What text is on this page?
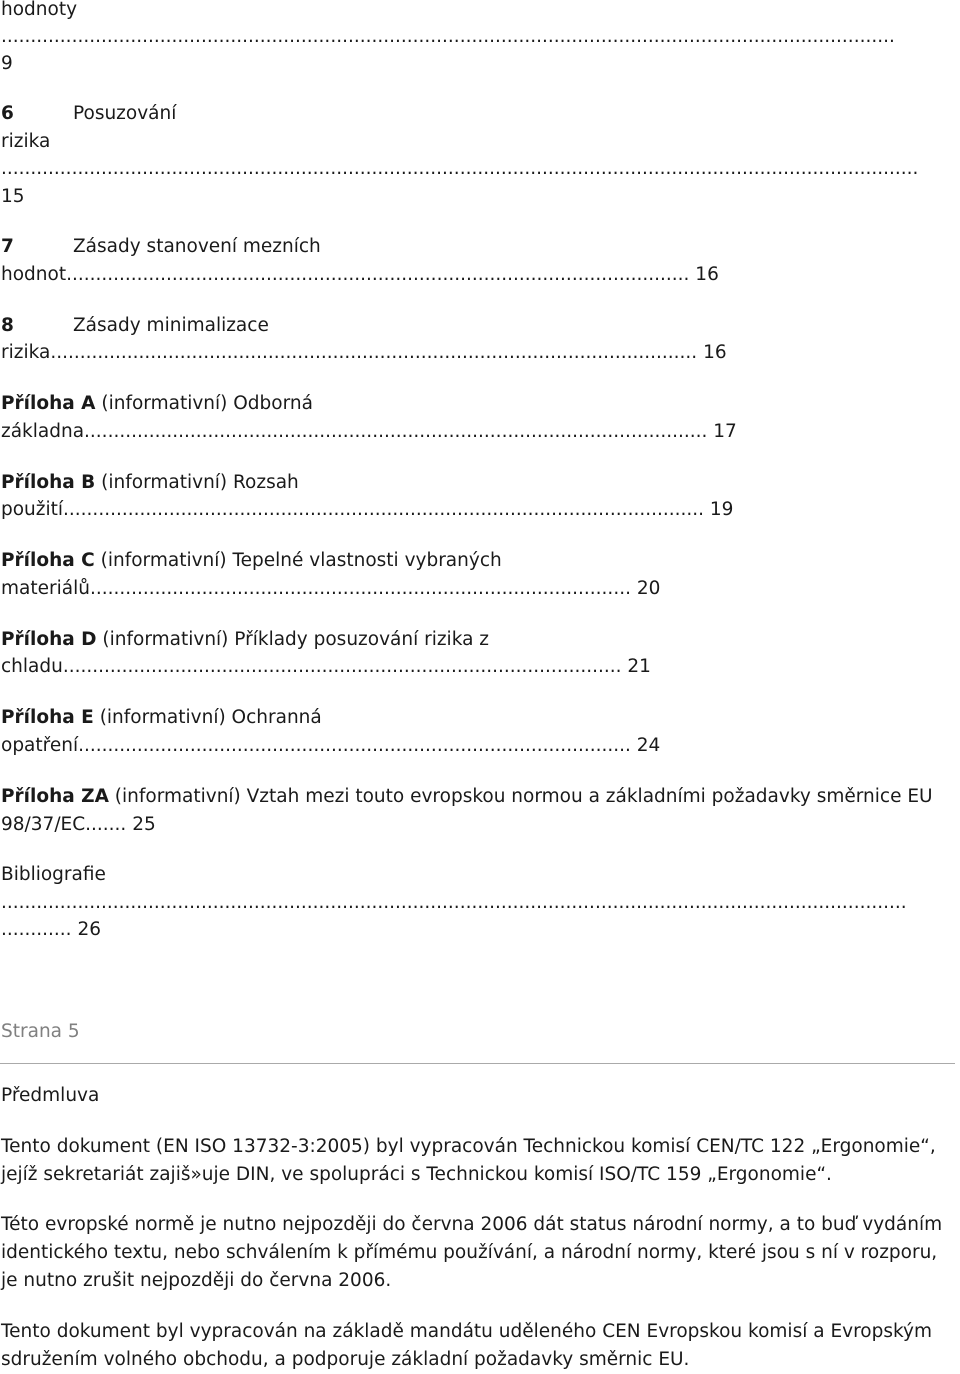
hodnoty
........................................................................................................................................................
9
6	Posuzování
rizika
............................................................................................................................................................
15
7	Zásady stanovení mezních
hodnot.......................................................................................................... 16
8	Zásady minimalizace
rizika.............................................................................................................. 16
Příloha A (informativní) Odborná
základna.......................................................................................................... 17
Příloha B (informativní) Rozsah
použití............................................................................................................. 19
Příloha C (informativní) Tepelné vlastnosti vybraných
materiálů............................................................................................ 20
Příloha D (informativní) Příklady posuzování rizika z
chladu............................................................................................... 21
Příloha E (informativní) Ochranná
opatření.............................................................................................. 24
Příloha ZA (informativní) Vztah mezi touto evropskou normou a základními požadavky směrnice EU
98/37/EC....... 25
Bibliografie
..........................................................................................................................................................
............ 26
Strana 5
Předmluva
Tento dokument (EN ISO 13732-3:2005) byl vypracován Technickou komisí CEN/TC 122 „Ergonomie“,
jejíž sekretariát zajiš»uje DIN, ve spolupráci s Technickou komisí ISO/TC 159 „Ergonomie“.
Této evropské normě je nutno nejpozději do června 2006 dát status národní normy, a to buď vydáním
identického textu, nebo schválením k přímému používání, a národní normy, které jsou s ní v rozporu,
je nutno zrušit nejpozději do června 2006.
Tento dokument byl vypracován na základě mandátu uděleného CEN Evropskou komisí a Evropským
sdružením volného obchodu, a podporuje základní požadavky směrnic EU.
